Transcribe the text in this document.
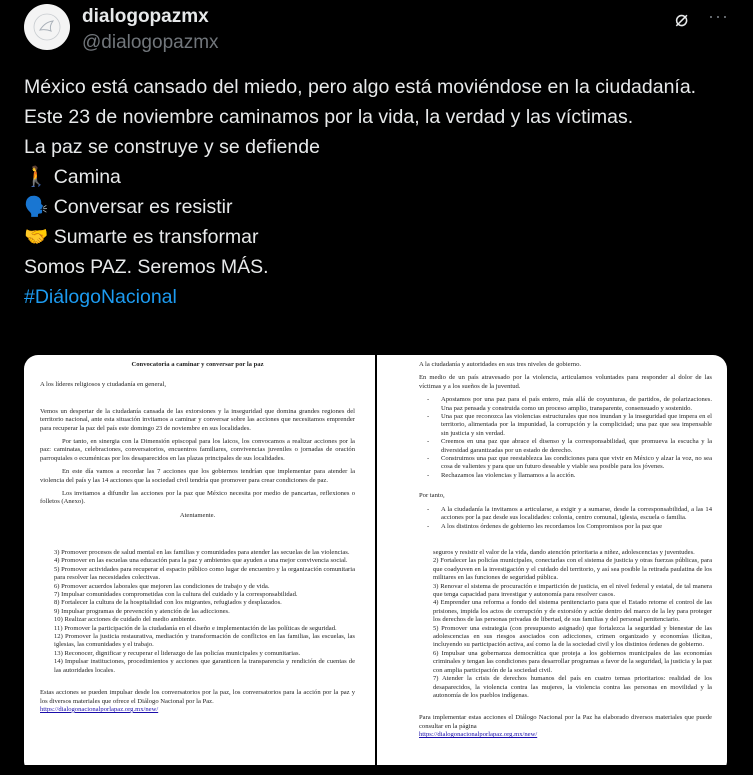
dialogopazmx
@dialogopazmx
⌀ ···
México está cansado del miedo, pero algo está moviéndose en la ciudadanía.
Este 23 de noviembre caminamos por la vida, la verdad y las víctimas.
La paz se construye y se defiende
🚶 Camina
🗣️ Conversar es resistir
🤝 Sumarte es transformar
Somos PAZ. Seremos MÁS.
#DiálogoNacional

Convocatoria a caminar y conversar por la paz

A los líderes religiosos y ciudadanía en general,

Vemos un despertar de la ciudadanía cansada de las extorsiones y la inseguridad que domina grandes regiones del territorio nacional, ante esta situación invitamos a caminar y conversar sobre las acciones que necesitamos emprender para recuperar la paz del país este domingo 23 de noviembre en sus localidades.

Por tanto, en sinergia con la Dimensión episcopal para los laicos, los convocamos a realizar acciones por la paz: caminatas, celebraciones, conversatorios, encuentros familiares, convivencias juveniles o jornadas de oración parroquiales o ecuménicas por los desaparecidos en las plazas principales de sus localidades.

En este día vamos a recordar las 7 acciones que los gobiernos tendrían que implementar para atender la violencia del país y las 14 acciones que la sociedad civil tendría que promover para crear condiciones de paz.

Los invitamos a difundir las acciones por la paz que México necesita por medio de pancartas, reflexiones o folletos (Anexo).

Atentamente.

A la ciudadanía y autoridades en sus tres niveles de gobierno.

En medio de un país atravesado por la violencia, articulamos voluntades para responder al dolor de las víctimas y a los sueños de la juventud.

- Apostamos por una paz para el país entero, más allá de coyunturas, de partidos, de polarizaciones. Una paz pensada y construida como un proceso amplio, transparente, consensuado y sostenido.
- Una paz que reconozca las violencias estructurales que nos inundan y la inseguridad que impera en el territorio, alimentada por la impunidad, la corrupción y la complicidad; una paz que sea impensable sin justicia y sin verdad.
- Creemos en una paz que abrace el disenso y la corresponsabilidad, que promueva la escucha y la diversidad garantizadas por un estado de derecho.
- Construimos una paz que reestablezca las condiciones para que vivir en México y alzar la voz, no sea cosa de valientes y para que un futuro deseable y viable sea posible para los jóvenes.
- Rechazamos las violencias y llamamos a la acción.

Por tanto,

- A la ciudadanía la invitamos a articularse, a exigir y a sumarse, desde la corresponsabilidad, a las 14 acciones por la paz desde sus localidades: colonia, centro comunal, iglesia, escuela o familia.
- A los distintos órdenes de gobierno les recordamos los Compromisos por la paz que
3) Promover procesos de salud mental en las familias y comunidades para atender las secuelas de las violencias.
4) Promover en las escuelas una educación para la paz y ambientes que ayuden a una mejor convivencia social.
5) Promover actividades para recuperar el espacio público como lugar de encuentro y la organización comunitaria para resolver las necesidades colectivas.
6) Promover acuerdos laborales que mejoren las condiciones de trabajo y de vida.
7) Impulsar comunidades comprometidas con la cultura del cuidado y la corresponsabilidad.
8) Fortalecer la cultura de la hospitalidad con los migrantes, refugiados y desplazados.
9) Impulsar programas de prevención y atención de las adicciones.
10) Realizar acciones de cuidado del medio ambiente.
11) Promover la participación de la ciudadanía en el diseño e implementación de las políticas de seguridad.
12) Promover la justicia restaurativa, mediación y transformación de conflictos en las familias, las escuelas, las iglesias, las comunidades y el trabajo.
13) Reconocer, dignificar y recuperar el liderazgo de las policías municipales y comunitarias.
14) Impulsar instituciones, procedimientos y acciones que garanticen la transparencia y rendición de cuentas de las autoridades locales.

Estas acciones se pueden impulsar desde los conversatorios por la paz, los conversatorios para la acción por la paz y los diversos materiales que ofrece el Diálogo Nacional por la Paz.

https://dialogonacionalporlapaz.org.mx/new/

seguros y resistir el valor de la vida, dando atención prioritaria a niñez, adolescencias y juventudes.

2) Fortalecer las policías municipales, conectarlas con el sistema de justicia y otras fuerzas públicas, para que coadyuven en la investigación y el cuidado del territorio, y así sea posible la retirada paulatina de los militares en las funciones de seguridad pública.
3) Renovar el sistema de procuración e impartición de justicia, en el nivel federal y estatal, de tal manera que tenga capacidad para investigar y autonomía para resolver casos.
4) Emprender una reforma a fondo del sistema penitenciario para que el Estado retome el control de las prisiones, impida los actos de corrupción y de extorsión y actúe dentro del marco de la ley para proteger los derechos de las personas privadas de libertad, de sus familias y del personal penitenciario.
5) Promover una estrategia (con presupuesto asignado) que fortalezca la seguridad y bienestar de las adolescencias en sus riesgos asociados con adicciones, crimen organizado y economías ilícitas, incluyendo su participación activa, así como la de la sociedad civil y los distintos órdenes de gobierno.
6) Impulsar una gobernanza democrática que proteja a los gobiernos municipales de las economías criminales y tengan las condiciones para desarrollar programas a favor de la seguridad, la justicia y la paz con amplia participación de la sociedad civil.
7) Atender la crisis de derechos humanos del país en cuatro temas prioritarios: realidad de los desaparecidos, la violencia contra las mujeres, la violencia contra las personas en movilidad y la autonomía de los pueblos indígenas.

Para implementar estas acciones el Diálogo Nacional por la Paz ha elaborado diversos materiales que puede consultar en la página

https://dialogonacionalporlapaz.org.mx/new/
